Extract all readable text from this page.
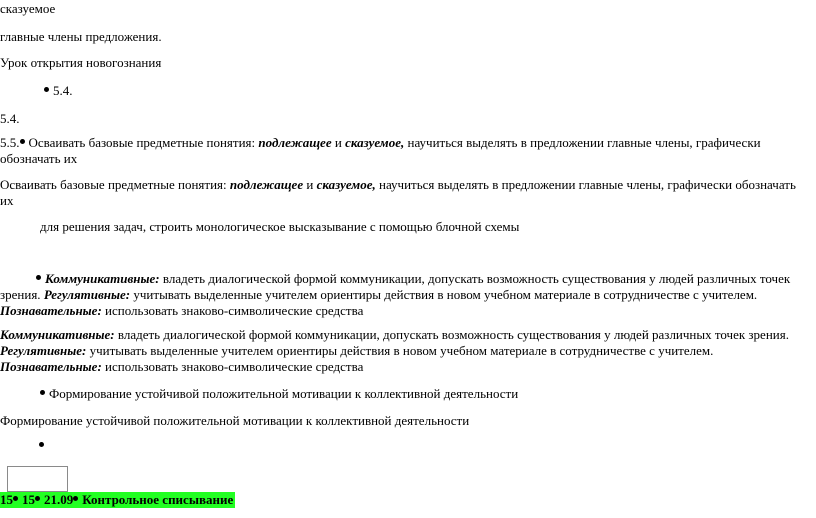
сказуемое
главные члены предложения.
Урок открытия новогознания
5.4.
5.4.
5.5. Осваивать базовые предметные понятия: подлежащее и сказуемое, научиться выделять в предложении главные члены, графически обозначать их
Осваивать базовые предметные понятия: подлежащее и сказуемое, научиться выделять в предложении главные члены, графически обозначать их
для решения задач, строить монологическое высказывание с помощью блочной схемы
Коммуникативные: владеть диалогической формой коммуникации, допускать возможность существования у людей различных точек зрения. Регулятивные: учитывать выделенные учителем ориентиры действия в новом учебном материале в сотрудничестве с учителем. Познавательные: использовать знаково-символические средства
Коммуникативные: владеть диалогической формой коммуникации, допускать возможность существования у людей различных точек зрения. Регулятивные: учитывать выделенные учителем ориентиры действия в новом учебном материале в сотрудничестве с учителем. Познавательные: использовать знаково-символические средства
Формирование устойчивой положительной мотивации к коллективной деятельности
Формирование устойчивой положительной мотивации к коллективной деятельности
15 15 21.09 Контрольное списывание
